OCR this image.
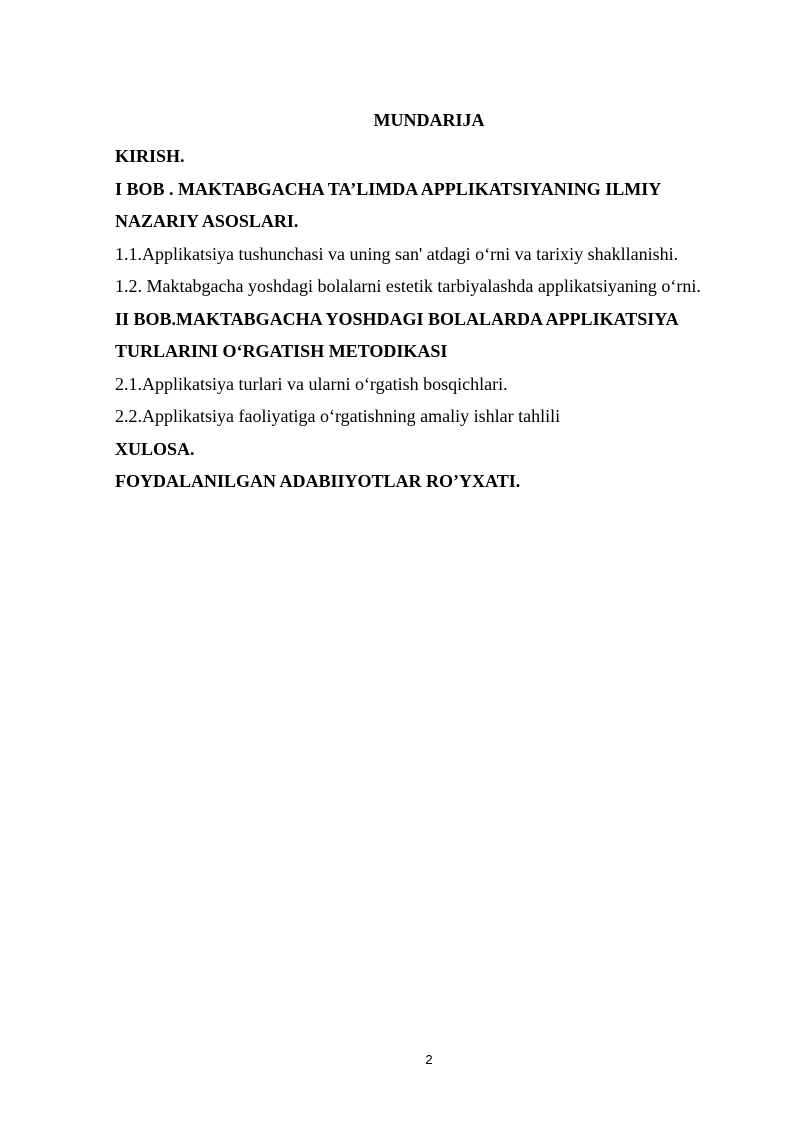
MUNDARIJA
KIRISH.
I BOB . MAKTABGACHA TA’LIMDA APPLIKATSIYANING ILMIY
NAZARIY ASOSLARI.
1.1.Applikatsiya tushunchasi va uning san' atdagi o‘rni va tarixiy shakllanishi.
1.2. Maktabgacha yoshdagi bolalarni estetik tarbiyalashda applikatsiyaning o‘rni.
II BOB.MAKTABGACHA YOSHDAGI BOLALARDA APPLIKATSIYA
TURLARINI O‘RGATISH METODIKASI
2.1.Applikatsiya turlari va ularni o‘rgatish bosqichlari.
2.2.Applikatsiya faoliyatiga o‘rgatishning amaliy ishlar tahlili
XULOSA.
FOYDALANILGAN ADABIIYOTLAR RO’YXATI.
2
